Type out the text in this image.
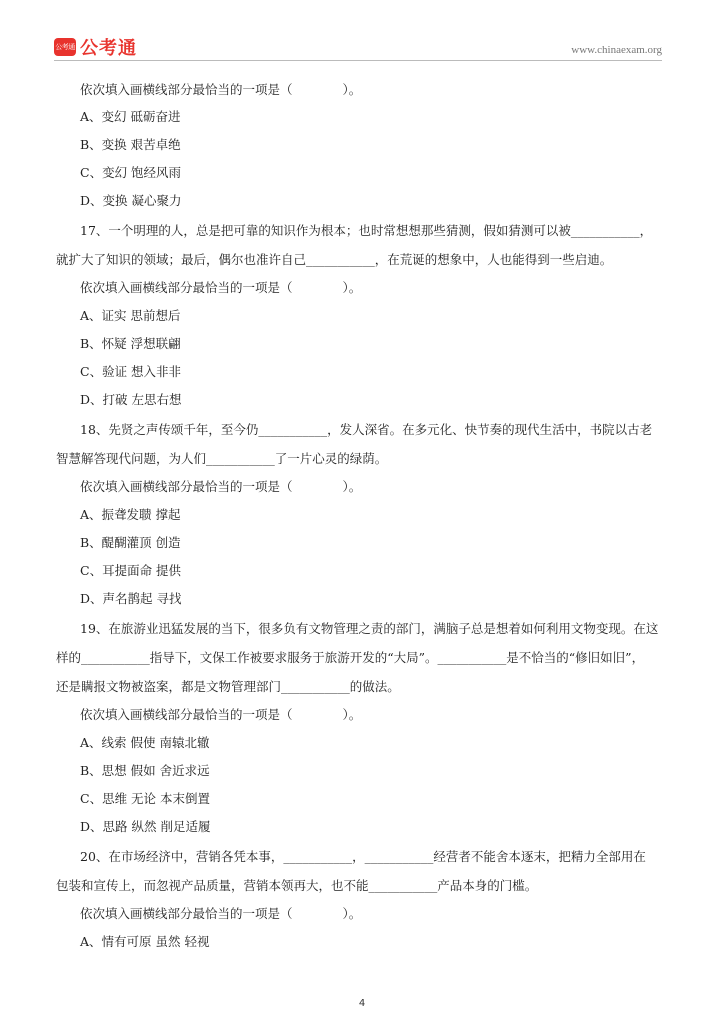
公考通 公考通	www.chinaexam.org
依次填入画横线部分最恰当的一项是（　　　　）。
A、变幻 砥砺奋进
B、变换 艰苦卓绝
C、变幻 饱经风雨
D、变换 凝心聚力
17、一个明理的人，总是把可靠的知识作为根本；也时常想想那些猜测，假如猜测可以被___________，
就扩大了知识的领域；最后，偶尔也准许自己___________，在荒诞的想象中，人也能得到一些启迪。
依次填入画横线部分最恰当的一项是（　　　　）。
A、证实 思前想后
B、怀疑 浮想联翩
C、验证 想入非非
D、打破 左思右想
18、先贤之声传颂千年，至今仍___________，发人深省。在多元化、快节奏的现代生活中，书院以古老
智慧解答现代问题，为人们___________了一片心灵的绿荫。
依次填入画横线部分最恰当的一项是（　　　　）。
A、振聋发聩 撑起
B、醍醐灌顶 创造
C、耳提面命 提供
D、声名鹊起 寻找
19、在旅游业迅猛发展的当下，很多负有文物管理之责的部门，满脑子总是想着如何利用文物变现。在这
样的___________指导下，文保工作被要求服务于旅游开发的“大局”。___________是不恰当的“修旧如旧”，
还是瞒报文物被盗案，都是文物管理部门___________的做法。
依次填入画横线部分最恰当的一项是（　　　　）。
A、线索 假使 南辕北辙
B、思想 假如 舍近求远
C、思维 无论 本末倒置
D、思路 纵然 削足适履
20、在市场经济中，营销各凭本事，___________，___________经营者不能舍本逐末，把精力全部用在
包装和宣传上，而忽视产品质量，营销本领再大，也不能___________产品本身的门槛。
依次填入画横线部分最恰当的一项是（　　　　）。
A、情有可原 虽然 轻视
4
